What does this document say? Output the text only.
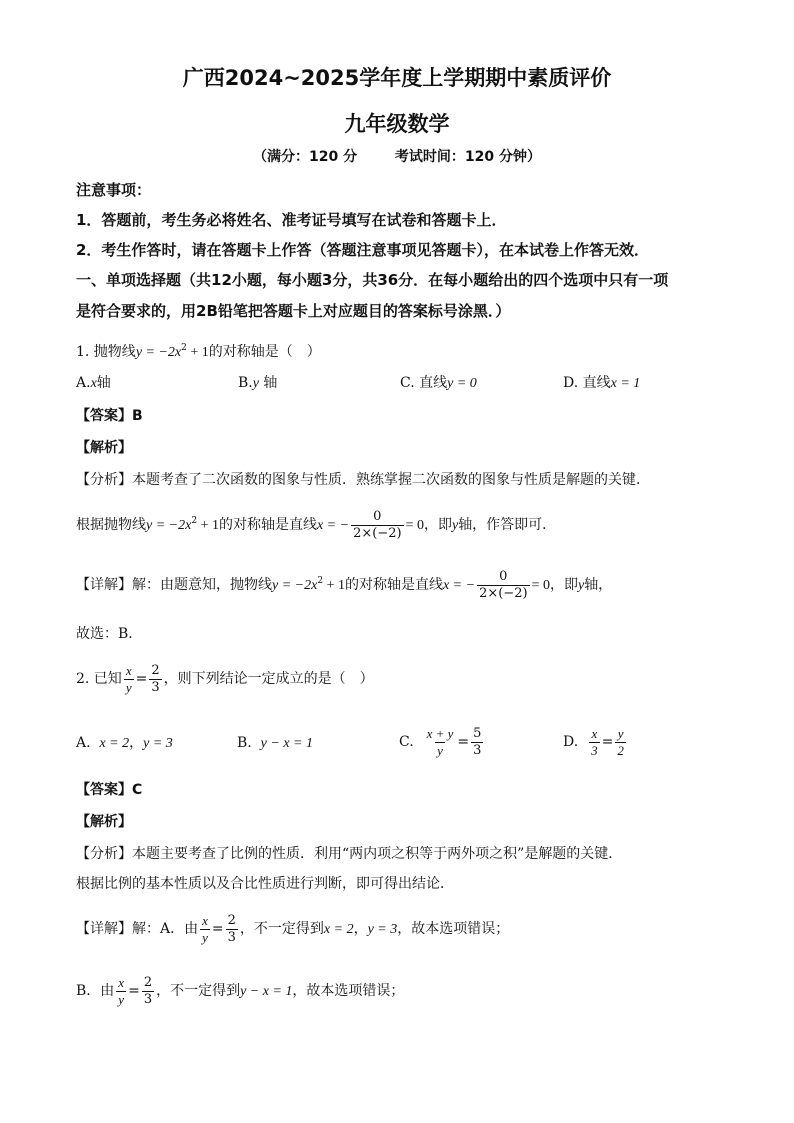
广西2024~2025学年度上学期期中素质评价
九年级数学
（满分：120 分	考试时间：120 分钟）
注意事项：
1．答题前，考生务必将姓名、准考证号填写在试卷和答题卡上．
2．考生作答时，请在答题卡上作答（答题注意事项见答题卡），在本试卷上作答无效．
一、单项选择题（共12小题，每小题3分，共36分．在每小题给出的四个选项中只有一项
是符合要求的，用2B铅笔把答题卡上对应题目的答案标号涂黑．）
1. 抛物线$y = -2x^2 + 1$的对称轴是（　）
A.x轴	B.y 轴	C. 直线y = 0	D. 直线x = 1
【答案】B
【解析】
【分析】本题考查了二次函数的图象与性质．熟练掌握二次函数的图象与性质是解题的关键．
根据抛物线$y = -2x^2 + 1$的对称轴是直线x = − $\frac{0}{2\times(-2)} = 0$，即y轴，作答即可．
【详解】解：由题意知，抛物线$y = -2x^2 + 1$的对称轴是直线x = − $\frac{0}{2\times(-2)} = 0$，即y轴，
故选：B．
2. 已知 $\frac{x}{y} = \frac{2}{3}$ ，则下列结论一定成立的是（　）
A. x = 2，y = 3	B. y − x = 1	C. $\frac{x + y}{y} = \frac{5}{3}$	D. $\frac{x}{3} = \frac{y}{2}$
【答案】C
【解析】
【分析】本题主要考查了比例的性质．利用“两内项之积等于两外项之积”是解题的关键．
根据比例的基本性质以及合比性质进行判断，即可得出结论．
【详解】解：A．由 $\frac{x}{y} = \frac{2}{3}$ ，不一定得到x = 2，y = 3，故本选项错误；
B．由 $\frac{x}{y} = \frac{2}{3}$ ，不一定得到y − x = 1，故本选项错误；
